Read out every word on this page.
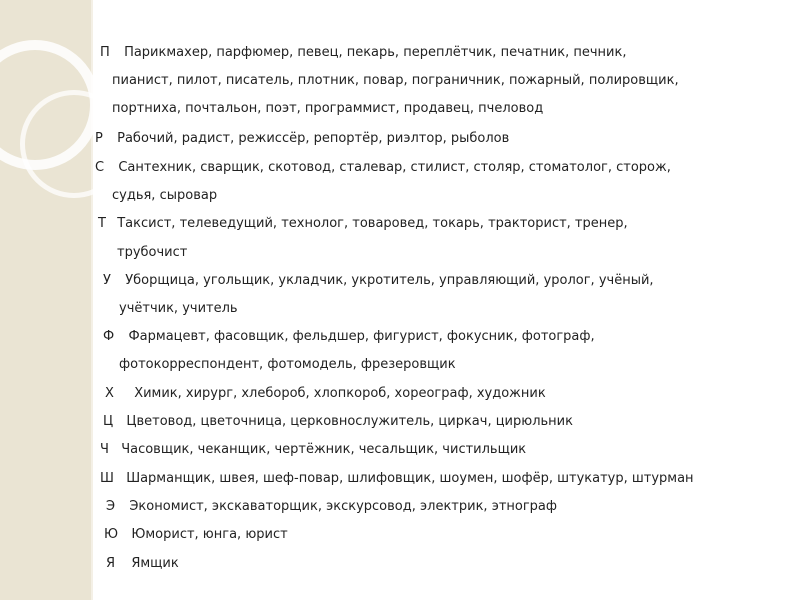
П Парикмахер, парфюмер, певец, пекарь, переплётчик, печатник, печник,
пианист, пилот, писатель, плотник, повар, пограничник, пожарный, полировщик,
портниха, почтальон, поэт, программист, продавец, пчеловод
Р Рабочий, радист, режиссёр, репортёр, риэлтор, рыболов
С Сантехник, сварщик, скотовод, сталевар, стилист, столяр, стоматолог, сторож,
судья, сыровар
Т Таксист, телеведущий, технолог, товаровед, токарь, тракторист, тренер,
трубочист
У Уборщица, угольщик, укладчик, укротитель, управляющий, уролог, учёный,
учётчик, учитель
Ф Фармацевт, фасовщик, фельдшер, фигурист, фокусник, фотограф,
фотокорреспондент, фотомодель, фрезеровщик
Х Химик, хирург, хлебороб, хлопкороб, хореограф, художник
Ц Цветовод, цветочница, церковнослужитель, циркач, цирюльник
Ч Часовщик, чеканщик, чертёжник, чесальщик, чистильщик
Ш Шарманщик, швея, шеф-повар, шлифовщик, шоумен, шофёр, штукатур, штурман
Э Экономист, экскаваторщик, экскурсовод, электрик, этнограф
Ю Юморист, юнга, юрист
Я Ямщик
